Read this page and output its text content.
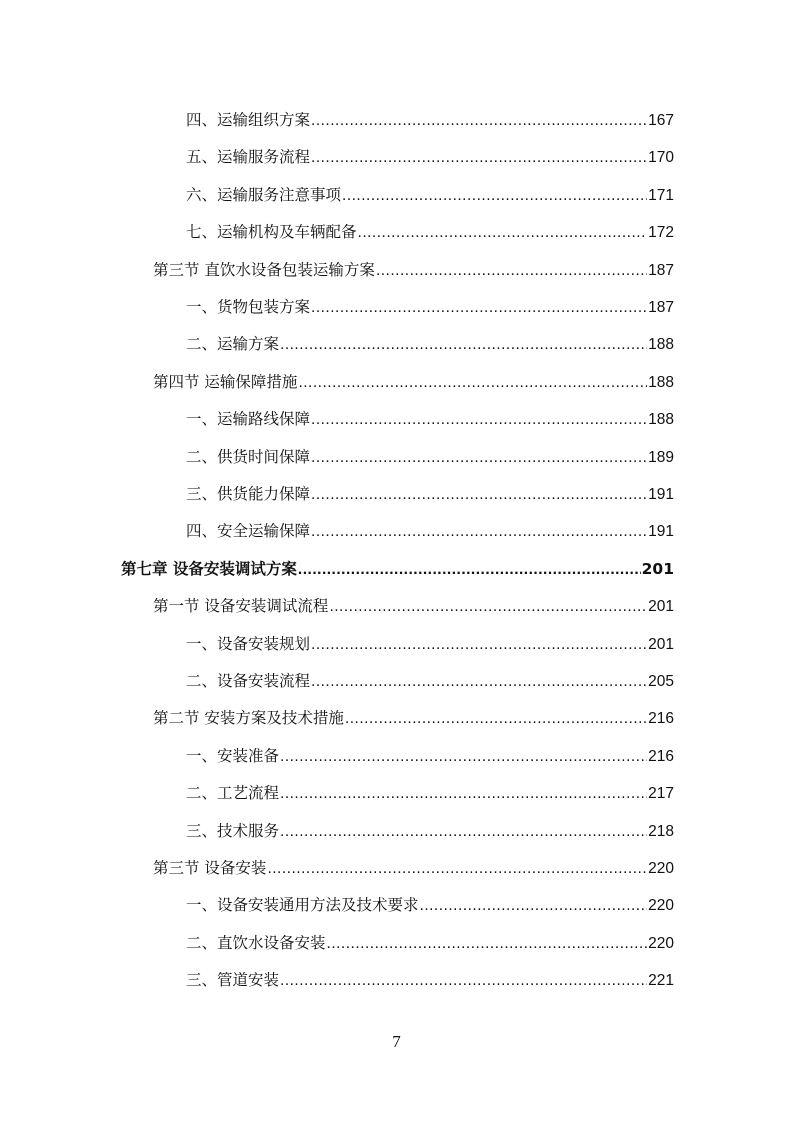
四、运输组织方案 .....	167
五、运输服务流程 .....	170
六、运输服务注意事项 .....	171
七、运输机构及车辆配备 .....	172
第三节 直饮水设备包装运输方案 .....	187
一、货物包装方案 .....	187
二、运输方案 .....	188
第四节 运输保障措施 .....	188
一、运输路线保障 .....	188
二、供货时间保障 .....	189
三、供货能力保障 .....	191
四、安全运输保障 .....	191
第七章 设备安装调试方案 .....	201
第一节 设备安装调试流程 .....	201
一、设备安装规划 .....	201
二、设备安装流程 .....	205
第二节 安装方案及技术措施 .....	216
一、安装准备 .....	216
二、工艺流程 .....	217
三、技术服务 .....	218
第三节 设备安装 .....	220
一、设备安装通用方法及技术要求 .....	220
二、直饮水设备安装 .....	220
三、管道安装 .....	221
7
